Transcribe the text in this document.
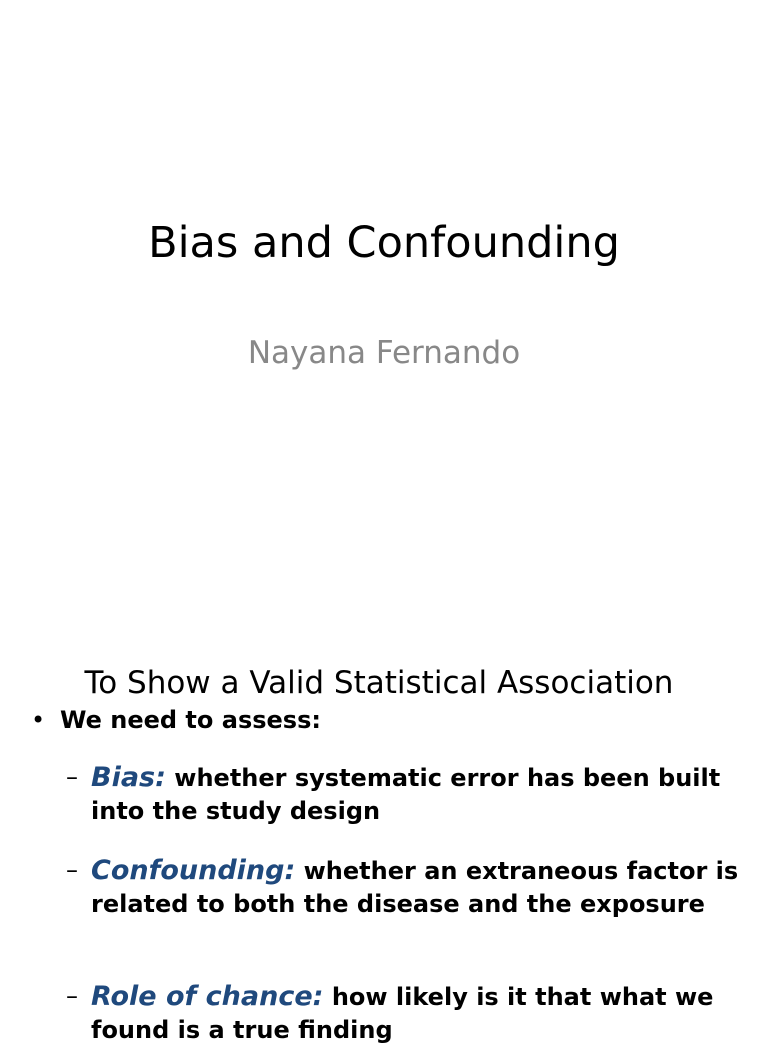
Bias and Confounding
Nayana Fernando
To Show a Valid Statistical Association
• We need to assess:
– Bias: whether systematic error has been built into the study design
– Confounding: whether an extraneous factor is related to both the disease and the exposure
– Role of chance: how likely is it that what we found is a true finding
